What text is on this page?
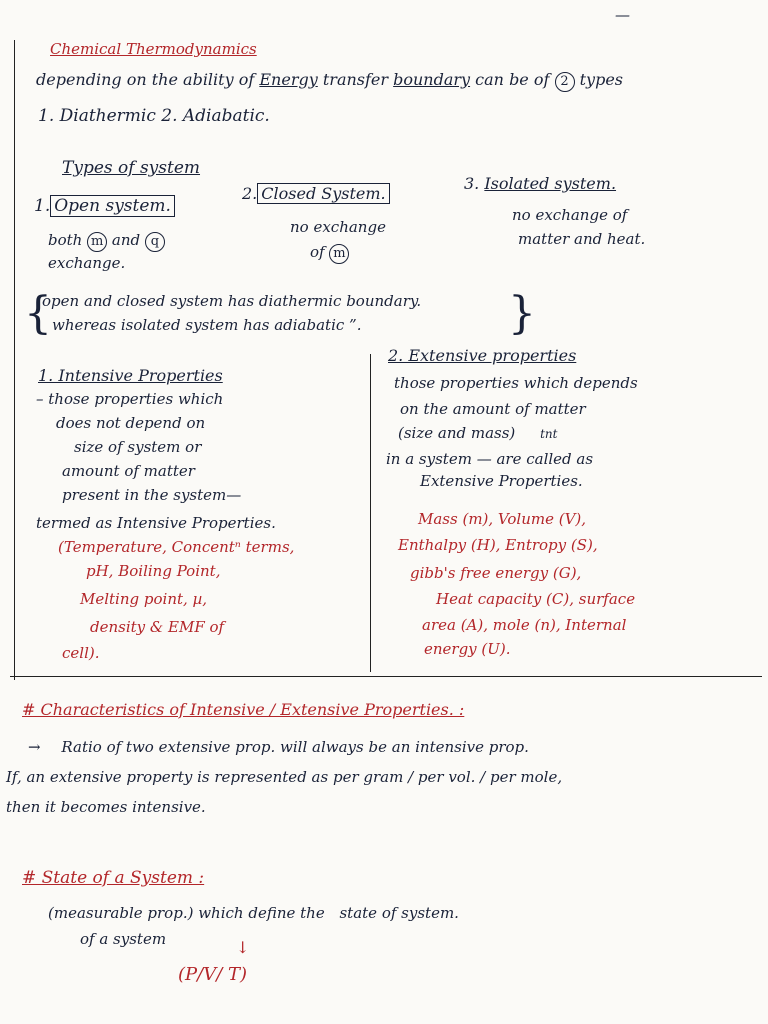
Chemical Thermodynamics
—
depending on the ability of Energy transfer boundary can be of 2 types
1. Diathermic 2. Adiabatic.
Types of system
1. Open system.
both m and q
exchange.
2. Closed System.
no exchange
of m
3. Isolated system.
no exchange of
matter and heat.
{
open and closed system has diathermic boundary.
whereas isolated system has adiabatic ”.	}
1. Intensive Properties
– those properties which
does not depend on
size of system or
amount of matter
present in the system—
termed as Intensive Properties.
(Temperature, Concentⁿ terms,
pH, Boiling Point,
Melting point, µ,
density & EMF of
cell).
2. Extensive properties
those properties which depends
on the amount of matter
(size and mass) tnt
in a system — are called as
Extensive Properties.
Mass (m), Volume (V),
Enthalpy (H), Entropy (S),
gibb's free energy (G),
Heat capacity (C), surface
area (A), mole (n), Internal
energy (U).
# Characteristics of Intensive / Extensive Properties. :
→ Ratio of two extensive prop. will always be an intensive prop.
If, an extensive property is represented as per gram / per vol. / per mole,
then it becomes intensive.
# State of a System :
(measurable prop.) which define the state of system.
of a system	↓
(P/V/ T)
